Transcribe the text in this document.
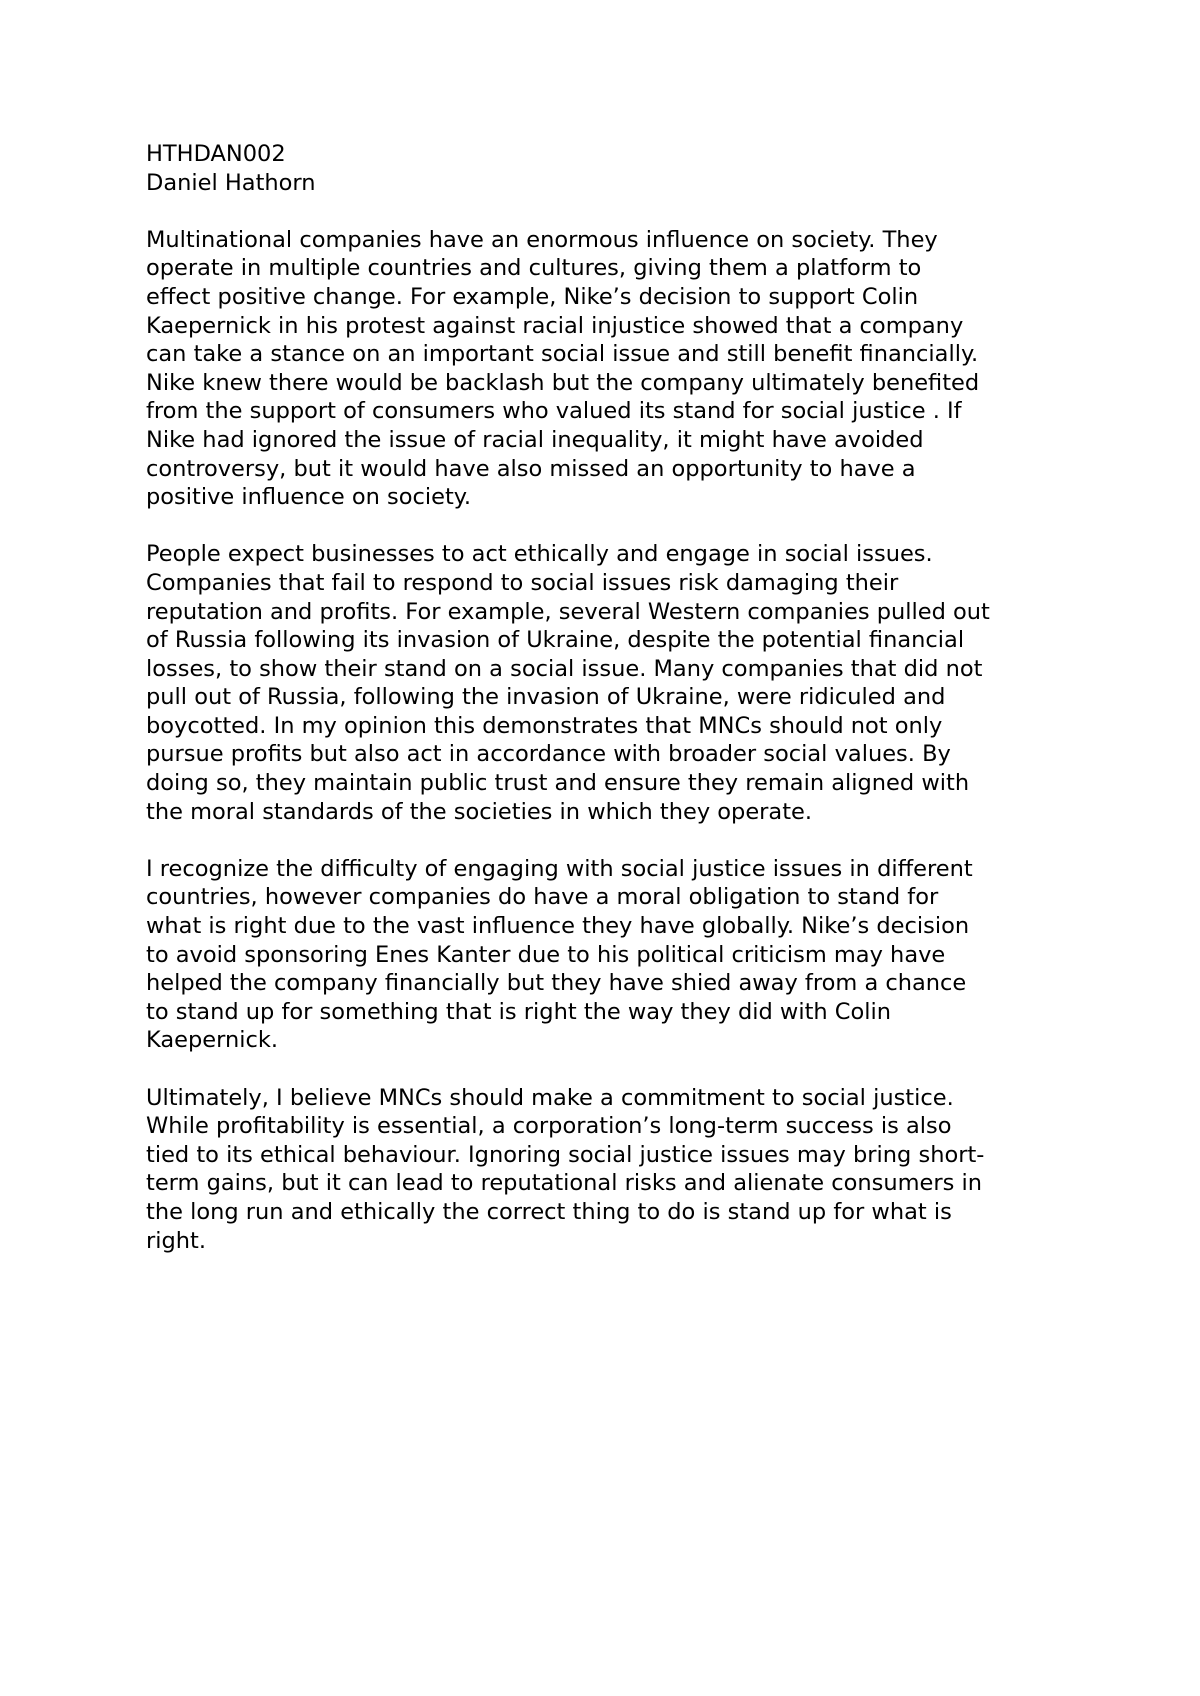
HTHDAN002

Daniel Hathorn

Multinational companies have an enormous influence on society. They
operate in multiple countries and cultures, giving them a platform to
effect positive change. For example, Nike’s decision to support Colin
Kaepernick in his protest against racial injustice showed that a company
can take a stance on an important social issue and still benefit financially.
Nike knew there would be backlash but the company ultimately benefited
from the support of consumers who valued its stand for social justice . If
Nike had ignored the issue of racial inequality, it might have avoided
controversy, but it would have also missed an opportunity to have a
positive influence on society.

People expect businesses to act ethically and engage in social issues.
Companies that fail to respond to social issues risk damaging their
reputation and profits. For example, several Western companies pulled out
of Russia following its invasion of Ukraine, despite the potential financial
losses, to show their stand on a social issue. Many companies that did not
pull out of Russia, following the invasion of Ukraine, were ridiculed and
boycotted. In my opinion this demonstrates that MNCs should not only
pursue profits but also act in accordance with broader social values. By
doing so, they maintain public trust and ensure they remain aligned with
the moral standards of the societies in which they operate.

I recognize the difficulty of engaging with social justice issues in different
countries, however companies do have a moral obligation to stand for
what is right due to the vast influence they have globally. Nike’s decision
to avoid sponsoring Enes Kanter due to his political criticism may have
helped the company financially but they have shied away from a chance
to stand up for something that is right the way they did with Colin
Kaepernick.

Ultimately, I believe MNCs should make a commitment to social justice.
While profitability is essential, a corporation’s long-term success is also
tied to its ethical behaviour. Ignoring social justice issues may bring short-
term gains, but it can lead to reputational risks and alienate consumers in
the long run and ethically the correct thing to do is stand up for what is
right.
